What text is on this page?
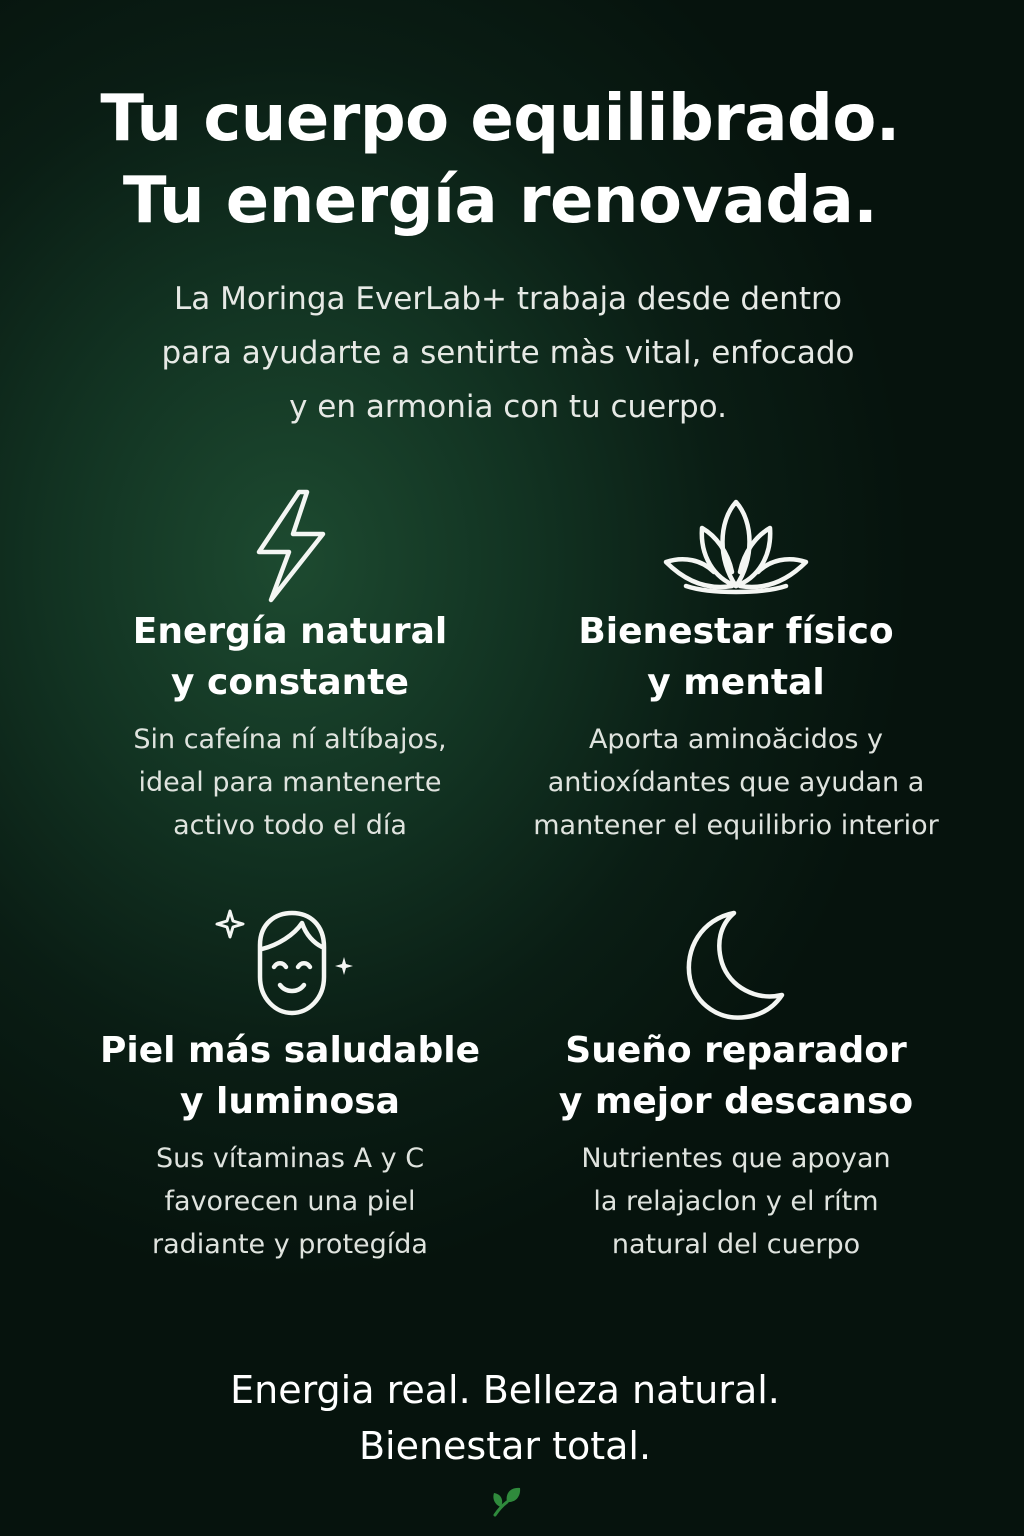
Tu cuerpo equilibrado.
Tu energía renovada.

La Moringa EverLab+ trabaja desde dentro
para ayudarte a sentirte màs vital, enfocado
y en armonia con tu cuerpo.

Energía natural
y constante

Sin cafeína ní altíbajos,
ideal para mantenerte
activo todo el día

Bienestar físico
y mental

Aporta aminoăcidos y
antioxídantes que ayudan a
mantener el equilibrio interior

Piel más saludable
y luminosa

Sus vítaminas A y C
favorecen una piel
radiante y protegída

Sueño reparador
y mejor descanso

Nutrientes que apoyan
la relajaclon y el rítm
natural del cuerpo

Energia real. Belleza natural.
Bienestar total.
